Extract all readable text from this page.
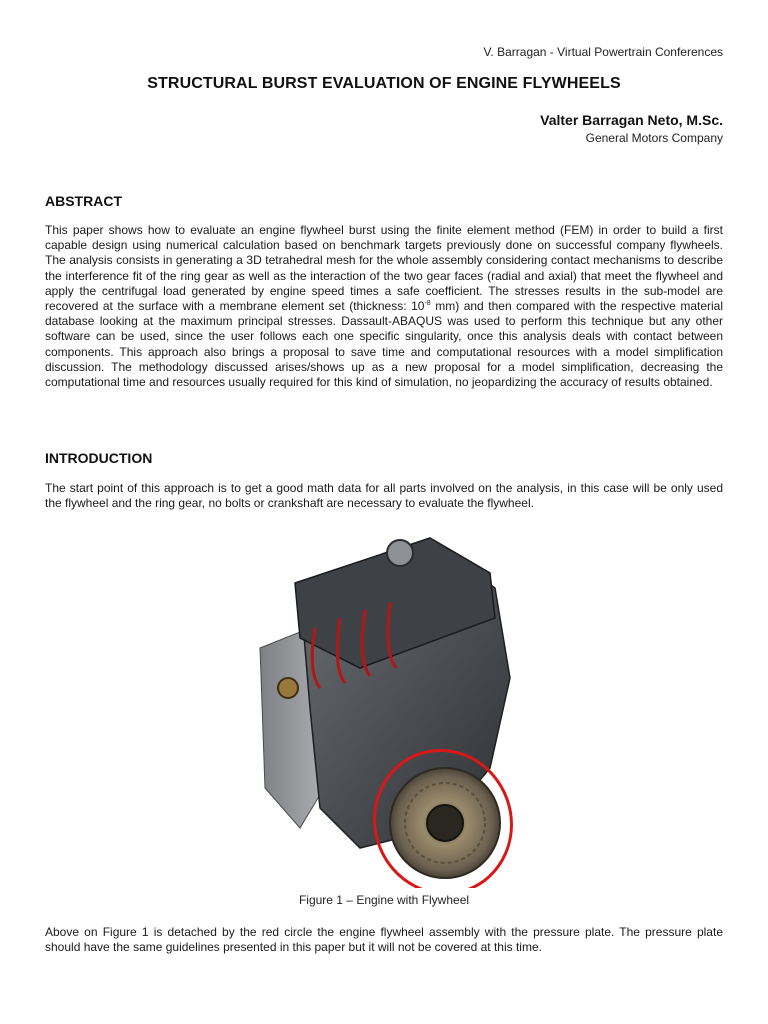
V. Barragan - Virtual Powertrain Conferences
STRUCTURAL BURST EVALUATION OF ENGINE FLYWHEELS
Valter Barragan Neto, M.Sc.
General Motors Company
ABSTRACT
This paper shows how to evaluate an engine flywheel burst using the finite element method (FEM) in order to build a first capable design using numerical calculation based on benchmark targets previously done on successful company flywheels. The analysis consists in generating a 3D tetrahedral mesh for the whole assembly considering contact mechanisms to describe the interference fit of the ring gear as well as the interaction of the two gear faces (radial and axial) that meet the flywheel and apply the centrifugal load generated by engine speed times a safe coefficient. The stresses results in the sub-model are recovered at the surface with a membrane element set (thickness: $10^{-8}$ mm) and then compared with the respective material database looking at the maximum principal stresses. Dassault-ABAQUS was used to perform this technique but any other software can be used, since the user follows each one specific singularity, once this analysis deals with contact between components. This approach also brings a proposal to save time and computational resources with a model simplification discussion. The methodology discussed arises/shows up as a new proposal for a model simplification, decreasing the computational time and resources usually required for this kind of simulation, no jeopardizing the accuracy of results obtained.
INTRODUCTION
The start point of this approach is to get a good math data for all parts involved on the analysis, in this case will be only used the flywheel and the ring gear, no bolts or crankshaft are necessary to evaluate the flywheel.
Figure 1 – Engine with Flywheel
Above on Figure 1 is detached by the red circle the engine flywheel assembly with the pressure plate. The pressure plate should have the same guidelines presented in this paper but it will not be covered at this time.
